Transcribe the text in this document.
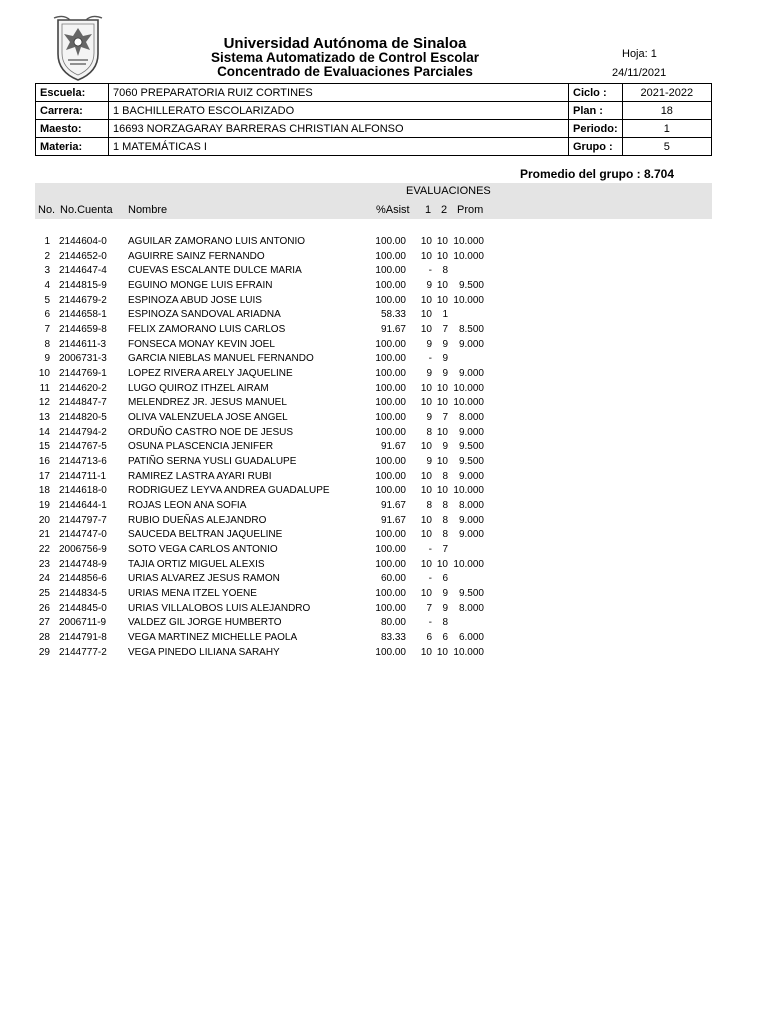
Universidad Autónoma de Sinaloa
Sistema Automatizado de Control Escolar
Concentrado de Evaluaciones Parciales
Hoja: 1
24/11/2021
Escuela:	7060 PREPARATORIA RUIZ CORTINES	Ciclo :	2021-2022
Carrera:	1 BACHILLERATO ESCOLARIZADO	Plan :	18
Maesto:	16693 NORZAGARAY BARRERAS CHRISTIAN ALFONSO	Periodo:	1
Materia:	1 MATEMÁTICAS I	Grupo :	5
Promedio del grupo : 8.704
EVALUACIONES
No. No.Cuenta Nombre	%Asist 1 2 Prom
1 2144604-0 AGUILAR ZAMORANO LUIS ANTONIO	100.00	10 10 10.000
2 2144652-0 AGUIRRE SAINZ FERNANDO	100.00	10 10 10.000
3 2144647-4 CUEVAS ESCALANTE DULCE MARIA	100.00	-	8
4 2144815-9 EGUINO MONGE LUIS EFRAIN	100.00	9 10	9.500
5 2144679-2 ESPINOZA ABUD JOSE LUIS	100.00	10 10 10.000
6 2144658-1 ESPINOZA SANDOVAL ARIADNA	58.33	10	1
7 2144659-8 FELIX ZAMORANO LUIS CARLOS	91.67	10	7	8.500
8 2144611-3 FONSECA MONAY KEVIN JOEL	100.00	9	9	9.000
9 2006731-3 GARCIA NIEBLAS MANUEL FERNANDO	100.00	-	9
10 2144769-1 LOPEZ RIVERA ARELY JAQUELINE	100.00	9	9	9.000
11 2144620-2 LUGO QUIROZ ITHZEL AIRAM	100.00	10 10 10.000
12 2144847-7 MELENDREZ JR. JESUS MANUEL	100.00	10 10 10.000
13 2144820-5 OLIVA VALENZUELA JOSE ANGEL	100.00	9	7	8.000
14 2144794-2 ORDUÑO CASTRO NOE DE JESUS	100.00	8 10	9.000
15 2144767-5 OSUNA PLASCENCIA JENIFER	91.67	10	9	9.500
16 2144713-6 PATIÑO SERNA YUSLI GUADALUPE	100.00	9 10	9.500
17 2144711-1 RAMIREZ LASTRA AYARI RUBI	100.00	10	8	9.000
18 2144618-0 RODRIGUEZ LEYVA ANDREA GUADALUPE	100.00	10 10 10.000
19 2144644-1 ROJAS LEON ANA SOFIA	91.67	8	8	8.000
20 2144797-7 RUBIO DUEÑAS ALEJANDRO	91.67	10	8	9.000
21 2144747-0 SAUCEDA BELTRAN JAQUELINE	100.00	10	8	9.000
22 2006756-9 SOTO VEGA CARLOS ANTONIO	100.00	-	7
23 2144748-9 TAJIA ORTIZ MIGUEL ALEXIS	100.00	10 10 10.000
24 2144856-6 URIAS ALVAREZ JESUS RAMON	60.00	-	6
25 2144834-5 URIAS MENA ITZEL YOENE	100.00	10	9	9.500
26 2144845-0 URIAS VILLALOBOS LUIS ALEJANDRO	100.00	7	9	8.000
27 2006711-9 VALDEZ GIL JORGE HUMBERTO	80.00	-	8
28 2144791-8 VEGA MARTINEZ MICHELLE PAOLA	83.33	6	6	6.000
29 2144777-2 VEGA PINEDO LILIANA SARAHY	100.00	10 10 10.000
